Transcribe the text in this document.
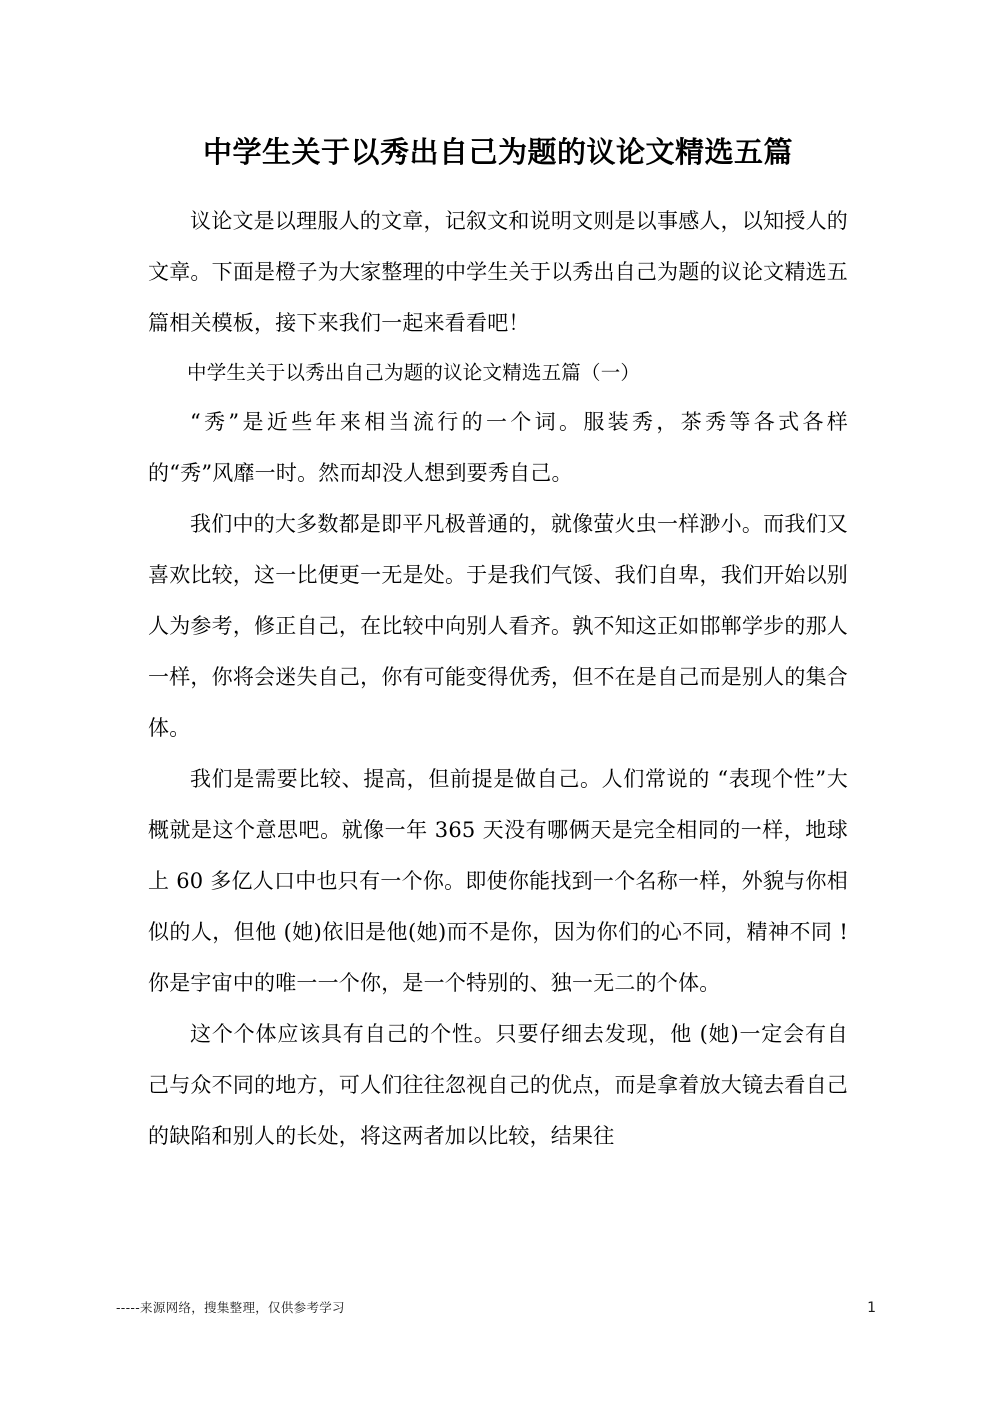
中学生关于以秀出自己为题的议论文精选五篇

议论文是以理服人的文章，记叙文和说明文则是以事感人，以知授人的文章。下面是橙子为大家整理的中学生关于以秀出自己为题的议论文精选五篇相关模板，接下来我们一起来看看吧！

中学生关于以秀出自己为题的议论文精选五篇（一）

“秀”是近些年来相当流行的一个词。服装秀，茶秀等各式各样的“秀”风靡一时。然而却没人想到要秀自己。

我们中的大多数都是即平凡极普通的，就像萤火虫一样渺小。而我们又喜欢比较，这一比便更一无是处。于是我们气馁、我们自卑，我们开始以别人为参考，修正自己，在比较中向别人看齐。孰不知这正如邯郸学步的那人一样，你将会迷失自己，你有可能变得优秀，但不在是自己而是别人的集合体。

我们是需要比较、提高，但前提是做自己。人们常说的 “表现个性”大概就是这个意思吧。就像一年 365 天没有哪俩天是完全相同的一样，地球上 60 多亿人口中也只有一个你。即使你能找到一个名称一样，外貌与你相似的人，但他 (她)依旧是他(她)而不是你，因为你们的心不同，精神不同 !你是宇宙中的唯一一个你，是一个特别的、独一无二的个体。

这个个体应该具有自己的个性。只要仔细去发现，他 (她)一定会有自己与众不同的地方，可人们往往忽视自己的优点，而是拿着放大镜去看自己的缺陷和别人的长处，将这两者加以比较，结果往

-----来源网络，搜集整理，仅供参考学习	1
